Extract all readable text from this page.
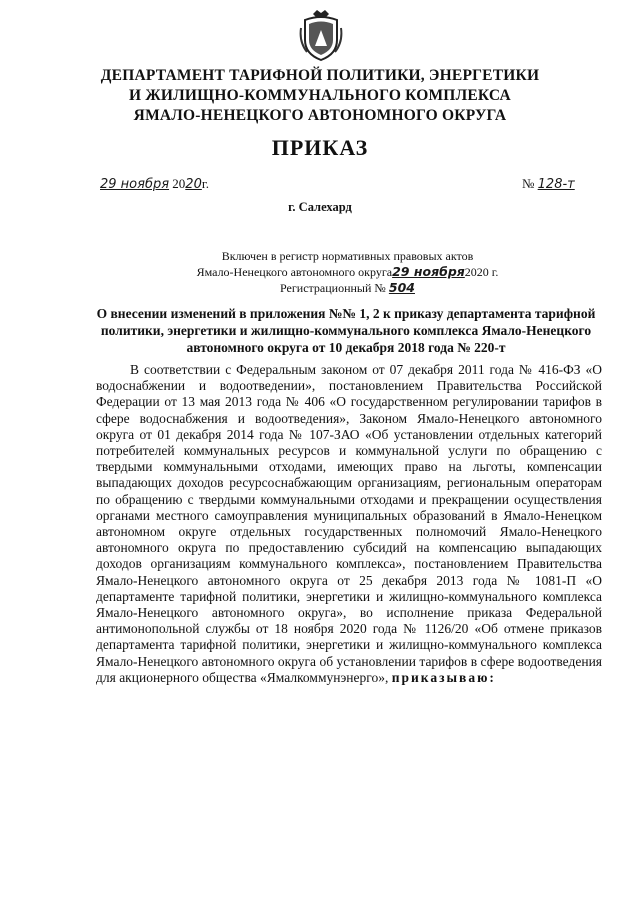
ДЕПАРТАМЕНТ ТАРИФНОЙ ПОЛИТИКИ, ЭНЕРГЕТИКИ
И ЖИЛИЩНО-КОММУНАЛЬНОГО КОМПЛЕКСА
ЯМАЛО-НЕНЕЦКОГО АВТОНОМНОГО ОКРУГА
ПРИКАЗ
29 ноября 2020г.	№ 128-т
г. Салехард
Включен в регистр нормативных правовых актов
Ямало-Ненецкого автономного округа29 ноября2020 г.
Регистрационный № 504
О внесении изменений в приложения №№ 1, 2 к приказу департамента тарифной политики, энергетики и жилищно-коммунального комплекса Ямало-Ненецкого автономного округа от 10 декабря 2018 года № 220-т
В соответствии с Федеральным законом от 07 декабря 2011 года № 416-ФЗ «О водоснабжении и водоотведении», постановлением Правительства Российской Федерации от 13 мая 2013 года № 406 «О государственном регулировании тарифов в сфере водоснабжения и водоотведения», Законом Ямало-Ненецкого автономного округа от 01 декабря 2014 года № 107-ЗАО «Об установлении отдельных категорий потребителей коммунальных ресурсов и коммунальной услуги по обращению с твердыми коммунальными отходами, имеющих право на льготы, компенсации выпадающих доходов ресурсоснабжающим организациям, региональным операторам по обращению с твердыми коммунальными отходами и прекращении осуществления органами местного самоуправления муниципальных образований в Ямало-Ненецком автономном округе отдельных государственных полномочий Ямало-Ненецкого автономного округа по предоставлению субсидий на компенсацию выпадающих доходов организациям коммунального комплекса», постановлением Правительства Ямало-Ненецкого автономного округа от 25 декабря 2013 года № 1081-П «О департаменте тарифной политики, энергетики и жилищно-коммунального комплекса Ямало-Ненецкого автономного округа», во исполнение приказа Федеральной антимонопольной службы от 18 ноября 2020 года № 1126/20 «Об отмене приказов департамента тарифной политики, энергетики и жилищно-коммунального комплекса Ямало-Ненецкого автономного округа об установлении тарифов в сфере водоотведения для акционерного общества «Ямалкоммунэнерго», приказываю:
